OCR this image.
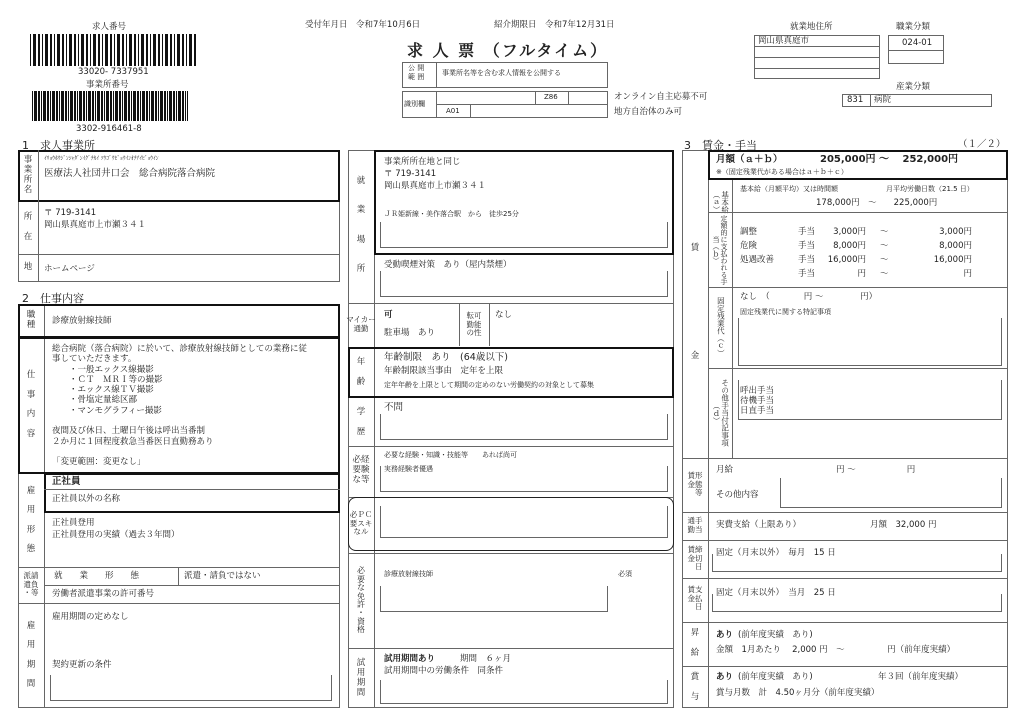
求人番号
33020- 7337951
事業所番号
3302-916461-8
受付年月日　令和7年10月6日	紹介期限日　令和7年12月31日
求 人 票 （フルタイム）
公 開
範 囲	事業所名等を含む求人情報を公開する
識別欄
Z86
A01
オンライン自主応募不可
地方自治体のみ可
就業地住所
岡山県真庭市
職業分類
024-01
産業分類
831 病院
1　求人事業所
事
業
所
名
ｲﾘｮｳﾎｳｼﾞﾝｼｬﾀﾞﾝｲｸﾞﾁｶｲ ｿｳｺﾞｳﾋﾞｮｳｲﾝｵﾁｱｲﾋﾞｮｳｲﾝ
医療法人社団井口会　総合病院落合病院
所

在
〒 719-3141
岡山県真庭市上市瀬３４１
地	ホームページ
2　仕事内容
職
種	診療放射線技師
仕

事

内

容
総合病院（落合病院）に於いて、診療放射線技師としての業務に従
事していただきます。
　　・一般エックス線撮影
　　・ＣＴ　ＭＲＩ等の撮影
　　・エックス線ＴＶ撮影
　　・骨塩定量総区鄙
　　・マンモグラフィー撮影
夜間及び休日、土曜日午後は呼出当番制
２か月に１回程度救急当番医日直勤務あり
「変更範囲：変更なし」
雇

用

形

態
正社員
正社員以外の名称
正社員登用
正社員登用の実績（過去３年間）
派請
遣負
・等
就　　業　　形　　態	派遣・請負ではない
労働者派遣事業の許可番号
雇

用

期

間
雇用期間の定めなし
契約更新の条件
就

業

場

所
事業所所在地と同じ
〒 719-3141
岡山県真庭市上市瀬３４１
ＪＲ姫新線・美作落合駅　から　徒歩25分
受動喫煙対策　あり（屋内禁煙）
マイカー
通勤
可
駐車場　あり
転可
勤能
の性
なし
年

齢
年齢制限　あり　(64歳以下)
年齢制限該当事由　定年を上限
定年年齢を上限として期間の定めのない労働契約の対象として募集
学

歴
不問
必経
要験
な等
必要な経験・知識・技能等　　あれば尚可
実務経験者優遇
必ＰＣ
要スキ
なル
必
要
な
免
許
・
資
格
診療放射線技師	必須
試
用
期
間
試用期間あり	期間　６ヶ月
試用期間中の労働条件　同条件
3　賃金・手当	（１／２）
賃

金
月額（ａ＋ｂ）	205,000円 〜　 252,000円
※（固定残業代がある場合はａ＋ｂ＋ｃ）
基本給（ａ）
基本給（月額平均）又は時間額	月平均労働日数（21.5 日）
178,000円　〜　　225,000円
定額的に支払われる手当（ｂ）
調整	手当	3,000円 〜	3,000円
危険	手当	8,000円 〜	8,000円
処遇改善	手当	16,000円 〜	16,000円
手当	円 〜	円
固定残業代（ｃ）	なし　（　　　　円 〜　　　　 円）
固定残業代に関する特記事項
その他手当付記事項（ｄ）
呼出手当
待機手当
日直手当
賃形
金態
　等
月給	円 〜　　　　　　円
その他内容
通手
勤当	実費支給（上限あり）	月額　32,000 円
賃締
金切
　日
固定（月末以外）　毎月　15 日
賃支
金払
　日
固定（月末以外）　当月　25 日
昇

給
あり (前年度実績　あり)
金額　1月あたり　 2,000 円　〜　　　　　円（前年度実績）
賞

与
あり (前年度実績　あり)	年３回（前年度実績）
賞与月数　計　4.50ヶ月分（前年度実績）
